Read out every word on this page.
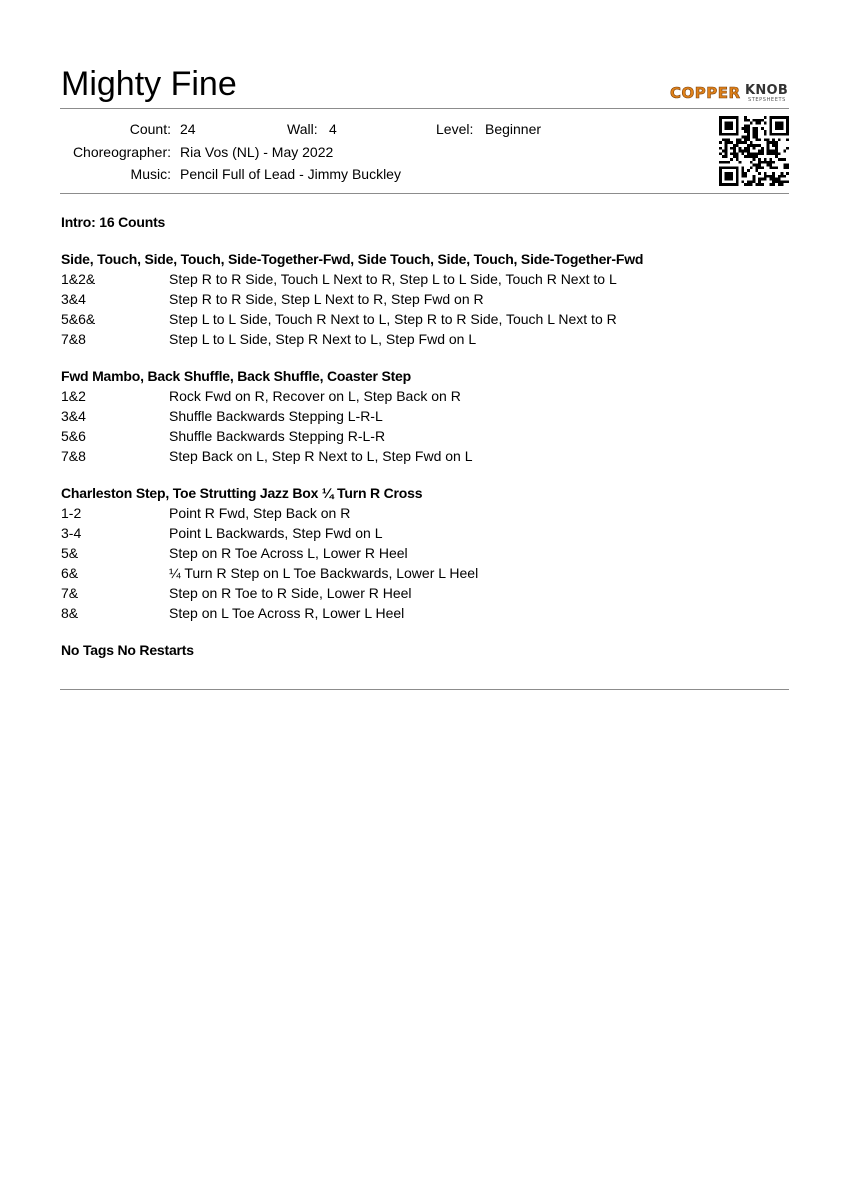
Mighty Fine	COPPER KNOB
STEPSHEETS
Count: 24	Wall: 4	Level: Beginner
Choreographer: Ria Vos (NL) - May 2022
Music: Pencil Full of Lead - Jimmy Buckley
Intro: 16 Counts
Side, Touch, Side, Touch, Side-Together-Fwd, Side Touch, Side, Touch, Side-Together-Fwd
1&2&	Step R to R Side, Touch L Next to R, Step L to L Side, Touch R Next to L
3&4	Step R to R Side, Step L Next to R, Step Fwd on R
5&6&	Step L to L Side, Touch R Next to L, Step R to R Side, Touch L Next to R
7&8	Step L to L Side, Step R Next to L, Step Fwd on L
Fwd Mambo, Back Shuffle, Back Shuffle, Coaster Step
1&2	Rock Fwd on R, Recover on L, Step Back on R
3&4	Shuffle Backwards Stepping L-R-L
5&6	Shuffle Backwards Stepping R-L-R
7&8	Step Back on L, Step R Next to L, Step Fwd on L
Charleston Step, Toe Strutting Jazz Box ¼ Turn R Cross
1-2	Point R Fwd, Step Back on R
3-4	Point L Backwards, Step Fwd on L
5&	Step on R Toe Across L, Lower R Heel
6&	¼ Turn R Step on L Toe Backwards, Lower L Heel
7&	Step on R Toe to R Side, Lower R Heel
8&	Step on L Toe Across R, Lower L Heel
No Tags No Restarts
